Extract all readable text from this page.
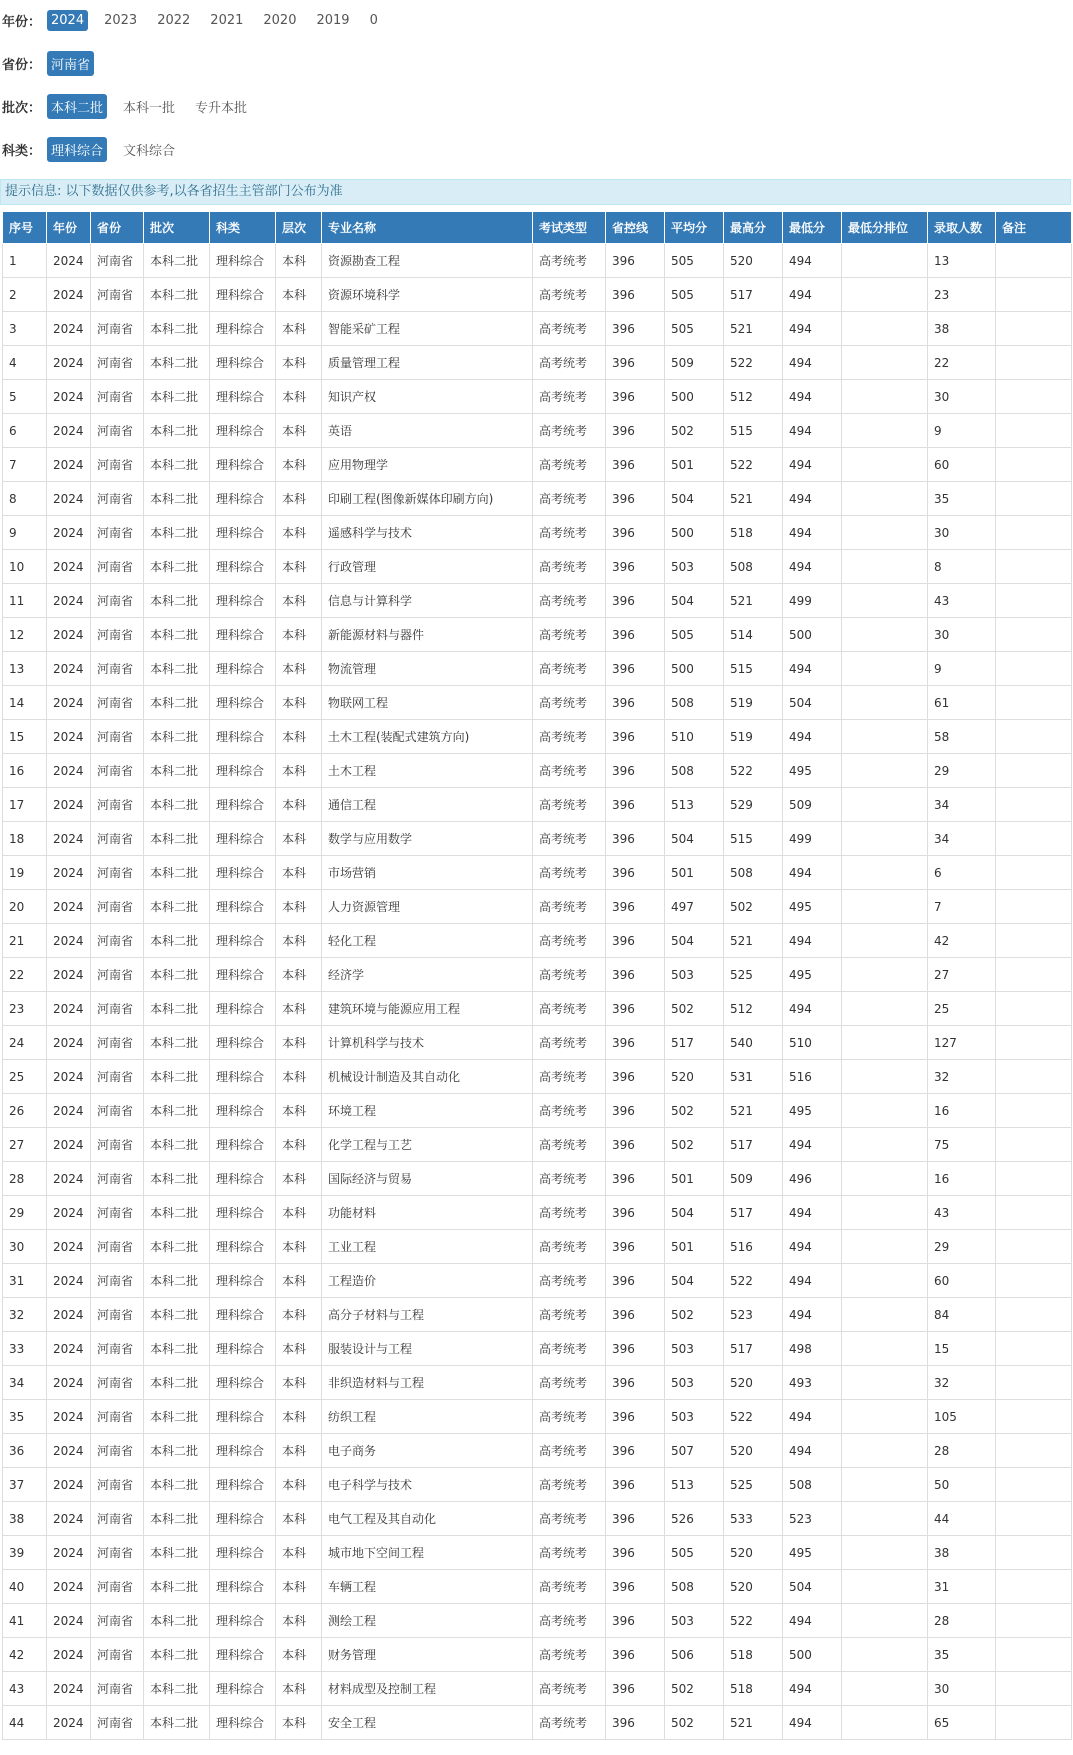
年份： 2024 2023 2022 2021 2020 2019 0
省份： 河南省
批次： 本科二批 本科一批 专升本批
科类： 理科综合 文科综合
提示信息: 以下数据仅供参考,以各省招生主管部门公布为准
序号	年份	省份	批次	科类	层次	专业名称	考试类型	省控线	平均分	最高分	最低分	最低分排位	录取人数	备注
1	2024	河南省	本科二批	理科综合	本科	资源勘查工程	高考统考	396	505	520	494		13	
2	2024	河南省	本科二批	理科综合	本科	资源环境科学	高考统考	396	505	517	494		23	
3	2024	河南省	本科二批	理科综合	本科	智能采矿工程	高考统考	396	505	521	494		38	
4	2024	河南省	本科二批	理科综合	本科	质量管理工程	高考统考	396	509	522	494		22	
5	2024	河南省	本科二批	理科综合	本科	知识产权	高考统考	396	500	512	494		30	
6	2024	河南省	本科二批	理科综合	本科	英语	高考统考	396	502	515	494		9	
7	2024	河南省	本科二批	理科综合	本科	应用物理学	高考统考	396	501	522	494		60	
8	2024	河南省	本科二批	理科综合	本科	印刷工程(图像新媒体印刷方向)	高考统考	396	504	521	494		35	
9	2024	河南省	本科二批	理科综合	本科	遥感科学与技术	高考统考	396	500	518	494		30	
10	2024	河南省	本科二批	理科综合	本科	行政管理	高考统考	396	503	508	494		8	
11	2024	河南省	本科二批	理科综合	本科	信息与计算科学	高考统考	396	504	521	499		43	
12	2024	河南省	本科二批	理科综合	本科	新能源材料与器件	高考统考	396	505	514	500		30	
13	2024	河南省	本科二批	理科综合	本科	物流管理	高考统考	396	500	515	494		9	
14	2024	河南省	本科二批	理科综合	本科	物联网工程	高考统考	396	508	519	504		61	
15	2024	河南省	本科二批	理科综合	本科	土木工程(装配式建筑方向)	高考统考	396	510	519	494		58	
16	2024	河南省	本科二批	理科综合	本科	土木工程	高考统考	396	508	522	495		29	
17	2024	河南省	本科二批	理科综合	本科	通信工程	高考统考	396	513	529	509		34	
18	2024	河南省	本科二批	理科综合	本科	数学与应用数学	高考统考	396	504	515	499		34	
19	2024	河南省	本科二批	理科综合	本科	市场营销	高考统考	396	501	508	494		6	
20	2024	河南省	本科二批	理科综合	本科	人力资源管理	高考统考	396	497	502	495		7	
21	2024	河南省	本科二批	理科综合	本科	轻化工程	高考统考	396	504	521	494		42	
22	2024	河南省	本科二批	理科综合	本科	经济学	高考统考	396	503	525	495		27	
23	2024	河南省	本科二批	理科综合	本科	建筑环境与能源应用工程	高考统考	396	502	512	494		25	
24	2024	河南省	本科二批	理科综合	本科	计算机科学与技术	高考统考	396	517	540	510		127	
25	2024	河南省	本科二批	理科综合	本科	机械设计制造及其自动化	高考统考	396	520	531	516		32	
26	2024	河南省	本科二批	理科综合	本科	环境工程	高考统考	396	502	521	495		16	
27	2024	河南省	本科二批	理科综合	本科	化学工程与工艺	高考统考	396	502	517	494		75	
28	2024	河南省	本科二批	理科综合	本科	国际经济与贸易	高考统考	396	501	509	496		16	
29	2024	河南省	本科二批	理科综合	本科	功能材料	高考统考	396	504	517	494		43	
30	2024	河南省	本科二批	理科综合	本科	工业工程	高考统考	396	501	516	494		29	
31	2024	河南省	本科二批	理科综合	本科	工程造价	高考统考	396	504	522	494		60	
32	2024	河南省	本科二批	理科综合	本科	高分子材料与工程	高考统考	396	502	523	494		84	
33	2024	河南省	本科二批	理科综合	本科	服装设计与工程	高考统考	396	503	517	498		15	
34	2024	河南省	本科二批	理科综合	本科	非织造材料与工程	高考统考	396	503	520	493		32	
35	2024	河南省	本科二批	理科综合	本科	纺织工程	高考统考	396	503	522	494		105	
36	2024	河南省	本科二批	理科综合	本科	电子商务	高考统考	396	507	520	494		28	
37	2024	河南省	本科二批	理科综合	本科	电子科学与技术	高考统考	396	513	525	508		50	
38	2024	河南省	本科二批	理科综合	本科	电气工程及其自动化	高考统考	396	526	533	523		44	
39	2024	河南省	本科二批	理科综合	本科	城市地下空间工程	高考统考	396	505	520	495		38	
40	2024	河南省	本科二批	理科综合	本科	车辆工程	高考统考	396	508	520	504		31	
41	2024	河南省	本科二批	理科综合	本科	测绘工程	高考统考	396	503	522	494		28	
42	2024	河南省	本科二批	理科综合	本科	财务管理	高考统考	396	506	518	500		35	
43	2024	河南省	本科二批	理科综合	本科	材料成型及控制工程	高考统考	396	502	518	494		30	
44	2024	河南省	本科二批	理科综合	本科	安全工程	高考统考	396	502	521	494		65	
